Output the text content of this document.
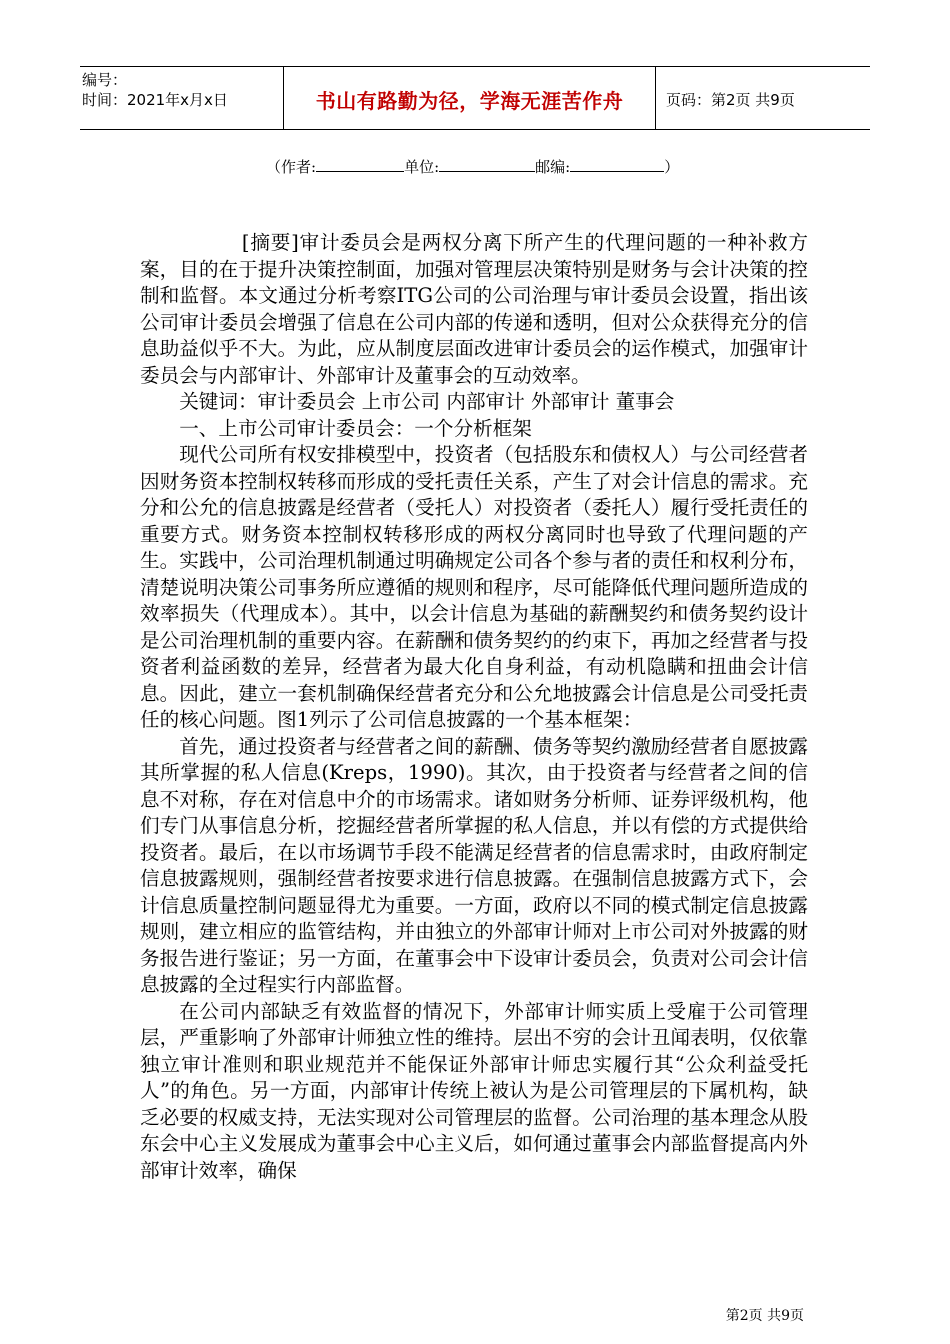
编号：
时间：2021年x月x日	书山有路勤为径，学海无涯苦作舟	页码：第2页 共9页
（作者:	单位:	邮编:	）

[摘要]审计委员会是两权分离下所产生的代理问题的一种补救方案，目的在于提升决策控制面，加强对管理层决策特别是财务与会计决策的控制和监督。本文通过分析考察ITG公司的公司治理与审计委员会设置，指出该公司审计委员会增强了信息在公司内部的传递和透明，但对公众获得充分的信息助益似乎不大。为此，应从制度层面改进审计委员会的运作模式，加强审计委员会与内部审计、外部审计及董事会的互动效率。

关键词：审计委员会 上市公司 内部审计 外部审计 董事会

一、上市公司审计委员会：一个分析框架

现代公司所有权安排模型中，投资者（包括股东和债权人）与公司经营者因财务资本控制权转移而形成的受托责任关系，产生了对会计信息的需求。充分和公允的信息披露是经营者（受托人）对投资者（委托人）履行受托责任的重要方式。财务资本控制权转移形成的两权分离同时也导致了代理问题的产生。实践中，公司治理机制通过明确规定公司各个参与者的责任和权利分布，清楚说明决策公司事务所应遵循的规则和程序，尽可能降低代理问题所造成的效率损失（代理成本）。其中，以会计信息为基础的薪酬契约和债务契约设计是公司治理机制的重要内容。在薪酬和债务契约的约束下，再加之经营者与投资者利益函数的差异，经营者为最大化自身利益，有动机隐瞒和扭曲会计信息。因此，建立一套机制确保经营者充分和公允地披露会计信息是公司受托责任的核心问题。图1列示了公司信息披露的一个基本框架：

首先，通过投资者与经营者之间的薪酬、债务等契约激励经营者自愿披露其所掌握的私人信息(Kreps，1990)。其次，由于投资者与经营者之间的信息不对称，存在对信息中介的市场需求。诸如财务分析师、证券评级机构，他们专门从事信息分析，挖掘经营者所掌握的私人信息，并以有偿的方式提供给投资者。最后，在以市场调节手段不能满足经营者的信息需求时，由政府制定信息披露规则，强制经营者按要求进行信息披露。在强制信息披露方式下，会计信息质量控制问题显得尤为重要。一方面，政府以不同的模式制定信息披露规则，建立相应的监管结构，并由独立的外部审计师对上市公司对外披露的财务报告进行鉴证；另一方面，在董事会中下设审计委员会，负责对公司会计信息披露的全过程实行内部监督。

在公司内部缺乏有效监督的情况下，外部审计师实质上受雇于公司管理层，严重影响了外部审计师独立性的维持。层出不穷的会计丑闻表明，仅依靠独立审计准则和职业规范并不能保证外部审计师忠实履行其“公众利益受托人”的角色。另一方面，内部审计传统上被认为是公司管理层的下属机构，缺乏必要的权威支持，无法实现对公司管理层的监督。公司治理的基本理念从股东会中心主义发展成为董事会中心主义后，如何通过董事会内部监督提高内外部审计效率，确保

第2页 共9页
